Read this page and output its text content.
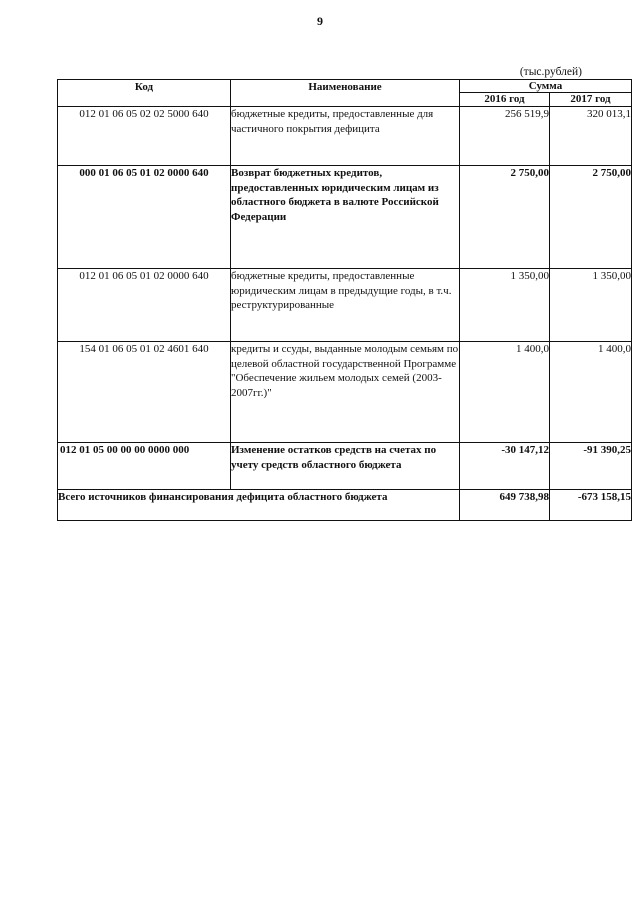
9
(тыс.рублей)
Код	Наименование	Сумма	
		2016 год	2017 год
012 01 06 05 02 02 5000 640	бюджетные кредиты, предоставленные для частичного покрытия дефицита	256 519,9	320 013,1
000 01 06 05 01 02 0000 640	Возврат бюджетных кредитов, предоставленных юридическим лицам из областного бюджета в валюте Российской Федерации	2 750,00	2 750,00
012 01 06 05 01 02 0000 640	бюджетные кредиты, предоставленные юридическим лицам в предыдущие годы, в т.ч. реструктурированные	1 350,00	1 350,00
154 01 06 05 01 02 4601 640	кредиты и ссуды, выданные молодым семьям по целевой областной государственной Программе "Обеспечение жильем молодых семей (2003-2007гг.)"	1 400,0	1 400,0
012 01 05 00 00 00 0000 000	Изменение остатков средств на счетах по учету средств областного бюджета	-30 147,12	-91 390,25
Всего источников финансирования дефицита областного бюджета		649 738,98	-673 158,15
